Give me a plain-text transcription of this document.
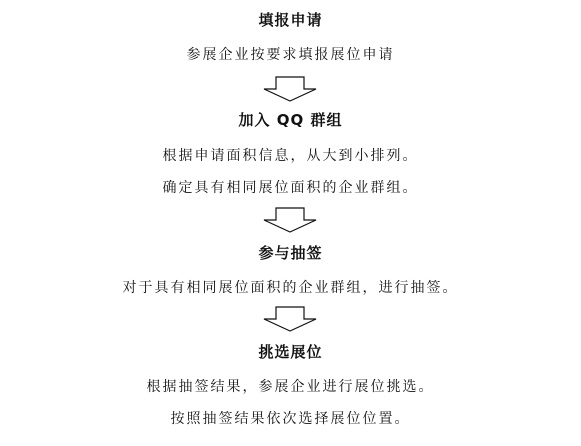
填报申请
参展企业按要求填报展位申请
加入 QQ 群组
根据申请面积信息，从大到小排列。
确定具有相同展位面积的企业群组。
参与抽签
对于具有相同展位面积的企业群组，进行抽签。
挑选展位
根据抽签结果，参展企业进行展位挑选。
按照抽签结果依次选择展位位置。
